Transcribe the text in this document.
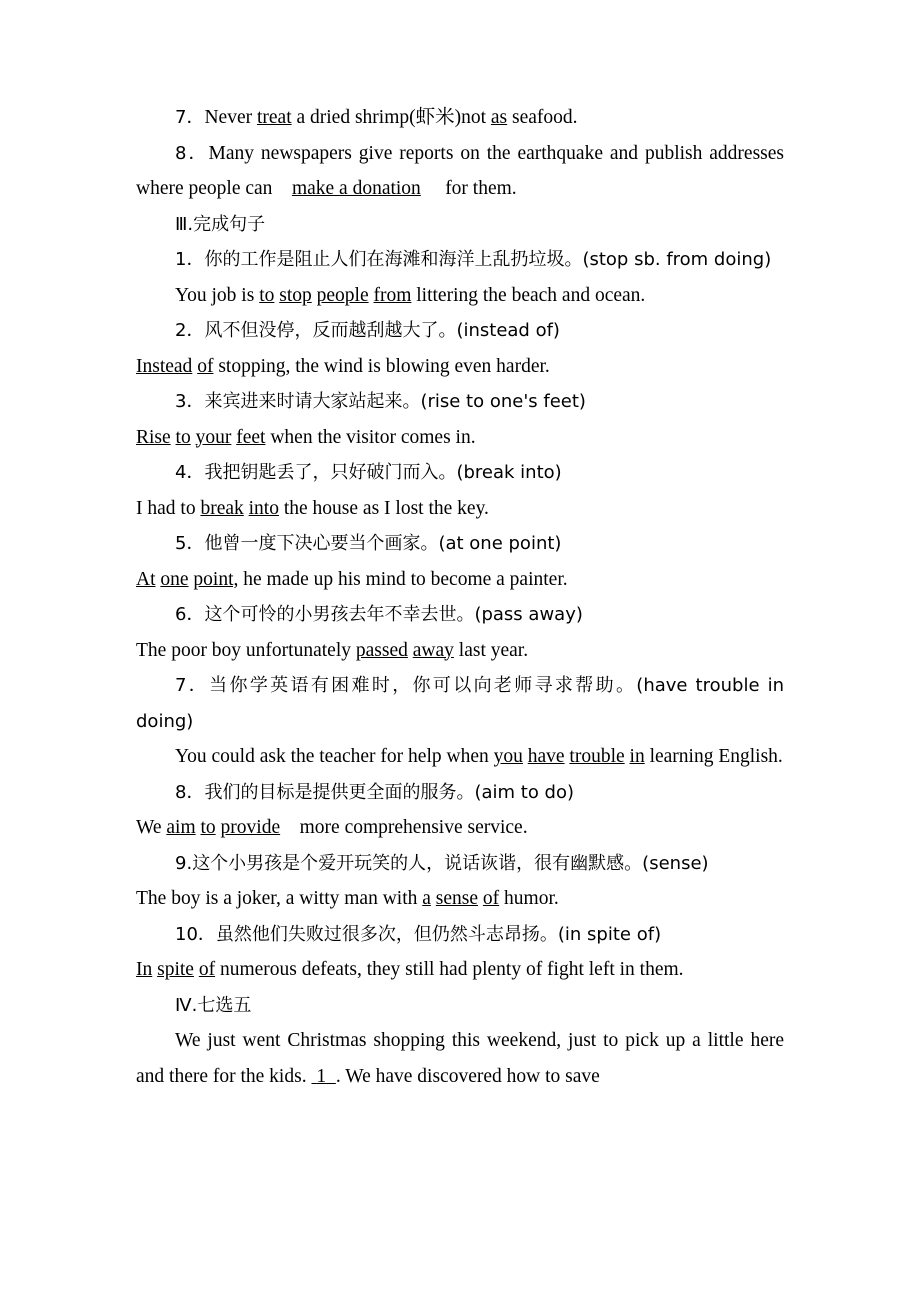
7．Never treat a dried shrimp(虾米)not as seafood.

8．Many newspapers give reports on the earthquake and publish addresses where people can make a donation for them.

Ⅲ.完成句子

1．你的工作是阻止人们在海滩和海洋上乱扔垃圾。(stop sb. from doing)

You job is to stop people from littering the beach and ocean.

2．风不但没停，反而越刮越大了。(instead of)

Instead of stopping, the wind is blowing even harder.

3．来宾进来时请大家站起来。(rise to one's feet)

Rise to your feet when the visitor comes in.

4．我把钥匙丢了，只好破门而入。(break into)

I had to break into the house as I lost the key.

5．他曾一度下决心要当个画家。(at one point)

At one point, he made up his mind to become a painter.

6．这个可怜的小男孩去年不幸去世。(pass away)

The poor boy unfortunately passed away last year.

7．当你学英语有困难时，你可以向老师寻求帮助。(have trouble in doing)

You could ask the teacher for help when you have trouble in learning English.

8．我们的目标是提供更全面的服务。(aim to do)

We aim to provide    more comprehensive service.

9.这个小男孩是个爱开玩笑的人，说话诙谐，很有幽默感。(sense)

The boy is a joker, a witty man with a sense of humor.

10．虽然他们失败过很多次，但仍然斗志昂扬。(in spite of)

In spite of numerous defeats, they still had plenty of fight left in them.

Ⅳ.七选五

We just went Christmas shopping this weekend, just to pick up a little here and there for the kids.  1 . We have discovered how to save
